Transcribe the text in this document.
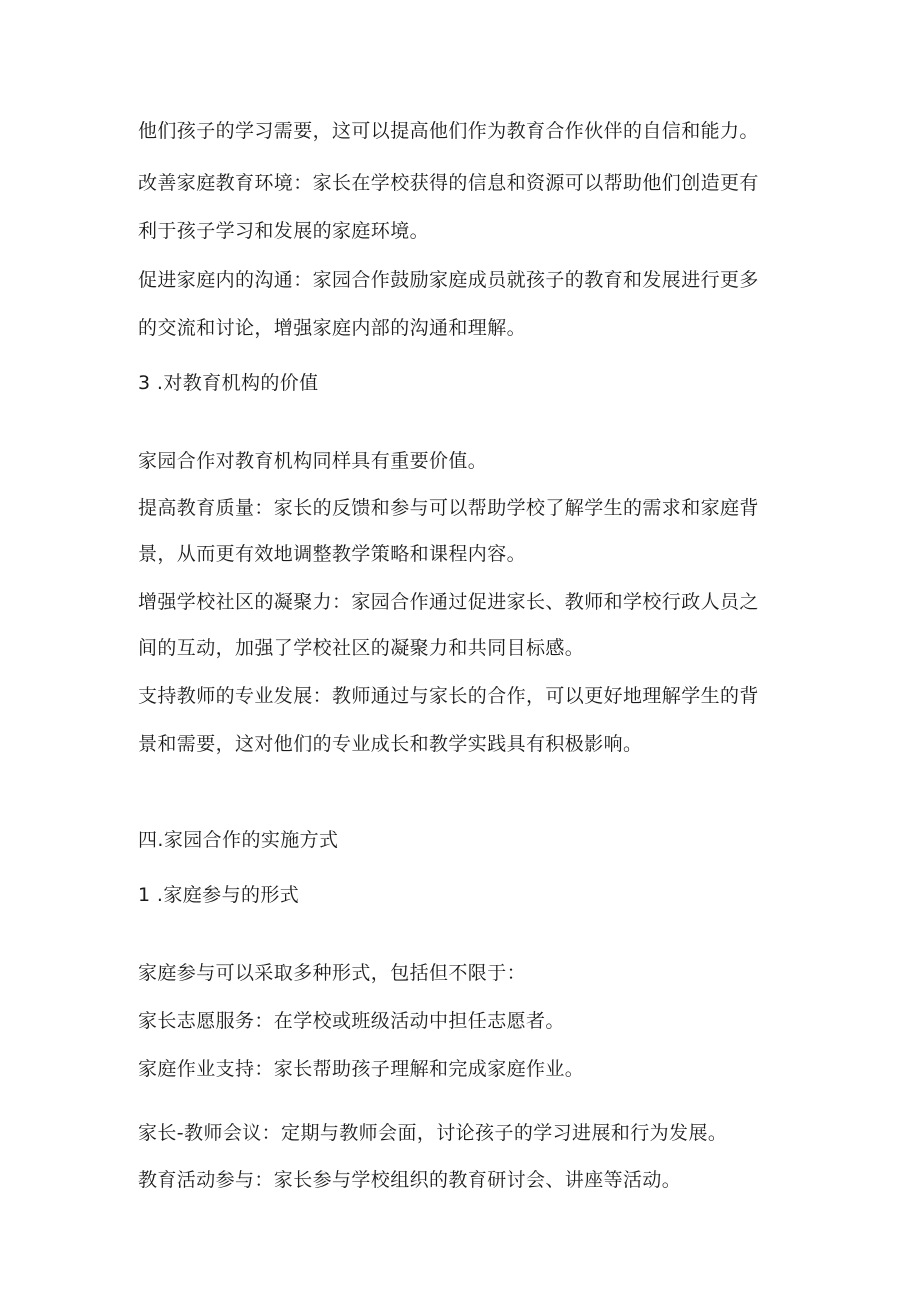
他们孩子的学习需要，这可以提高他们作为教育合作伙伴的自信和能力。
改善家庭教育环境：家长在学校获得的信息和资源可以帮助他们创造更有
利于孩子学习和发展的家庭环境。
促进家庭内的沟通：家园合作鼓励家庭成员就孩子的教育和发展进行更多
的交流和讨论，增强家庭内部的沟通和理解。
3 .对教育机构的价值
家园合作对教育机构同样具有重要价值。
提高教育质量：家长的反馈和参与可以帮助学校了解学生的需求和家庭背
景，从而更有效地调整教学策略和课程内容。
增强学校社区的凝聚力：家园合作通过促进家长、教师和学校行政人员之
间的互动，加强了学校社区的凝聚力和共同目标感。
支持教师的专业发展：教师通过与家长的合作，可以更好地理解学生的背
景和需要，这对他们的专业成长和教学实践具有积极影响。
四.家园合作的实施方式
1 .家庭参与的形式
家庭参与可以采取多种形式，包括但不限于：
家长志愿服务：在学校或班级活动中担任志愿者。
家庭作业支持：家长帮助孩子理解和完成家庭作业。
家长-教师会议：定期与教师会面，讨论孩子的学习进展和行为发展。
教育活动参与：家长参与学校组织的教育研讨会、讲座等活动。
